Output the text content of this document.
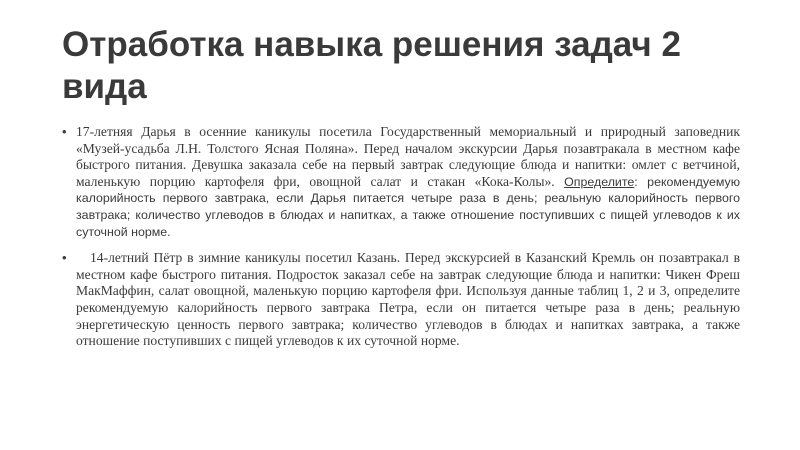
Отработка навыка решения задач 2 вида
• 17-летняя Дарья в осенние каникулы посетила Государственный мемориальный и природный заповедник «Музей-усадьба Л.Н. Толстого Ясная Поляна». Перед началом экскурсии Дарья позавтракала в местном кафе быстрого питания. Девушка заказала себе на первый завтрак следующие блюда и напитки: омлет с ветчиной, маленькую порцию картофеля фри, овощной салат и стакан «Кока-Колы». Определите: рекомендуемую калорийность первого завтрака, если Дарья питается четыре раза в день; реальную калорийность первого завтрака; количество углеводов в блюдах и напитках, а также отношение поступивших с пищей углеводов к их суточной норме.
• 14-летний Пётр в зимние каникулы посетил Казань. Перед экскурсией в Казанский Кремль он позавтракал в местном кафе быстрого питания. Подросток заказал себе на завтрак следующие блюда и напитки: Чикен Фреш МакМаффин, салат овощной, маленькую порцию картофеля фри. Используя данные таблиц 1, 2 и 3, определите рекомендуемую калорийность первого завтрака Петра, если он питается четыре раза в день; реальную энергетическую ценность первого завтрака; количество углеводов в блюдах и напитках завтрака, а также отношение поступивших с пищей углеводов к их суточной норме.
